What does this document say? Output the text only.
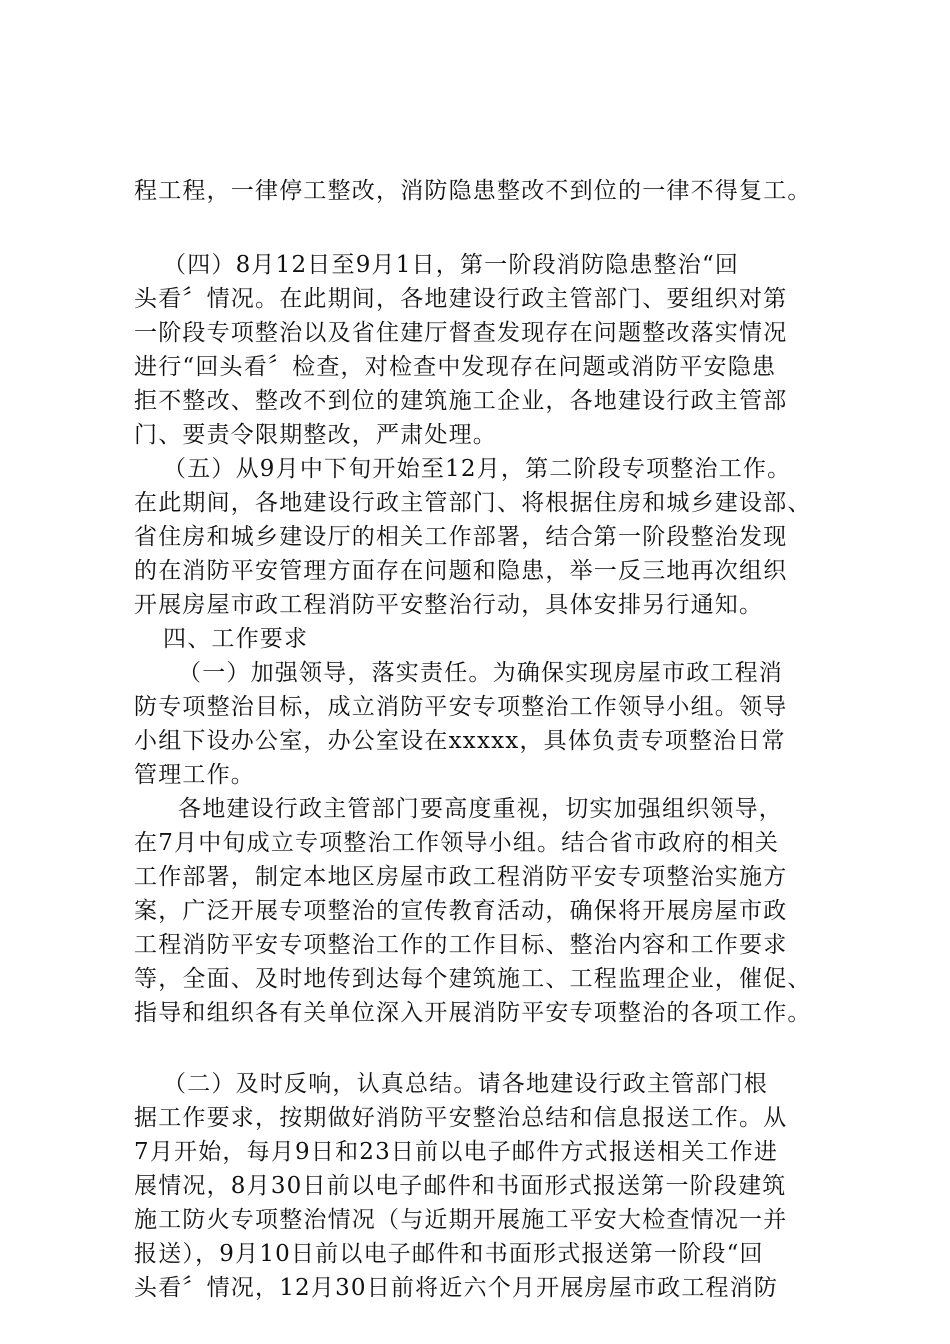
程工程，一律停工整改，消防隐患整改不到位的一律不得复工。
（四）8月12日至9月1日，第一阶段消防隐患整治“回
头看〞情况。在此期间，各地建设行政主管部门、要组织对第
一阶段专项整治以及省住建厅督查发现存在问题整改落实情况
进行“回头看〞检查，对检查中发现存在问题或消防平安隐患
拒不整改、整改不到位的建筑施工企业，各地建设行政主管部
门、要责令限期整改，严肃处理。
（五）从9月中下旬开始至12月，第二阶段专项整治工作。
在此期间，各地建设行政主管部门、将根据住房和城乡建设部、
省住房和城乡建设厅的相关工作部署，结合第一阶段整治发现
的在消防平安管理方面存在问题和隐患，举一反三地再次组织
开展房屋市政工程消防平安整治行动，具体安排另行通知。
四、工作要求
（一）加强领导，落实责任。为确保实现房屋市政工程消
防专项整治目标，成立消防平安专项整治工作领导小组。领导
小组下设办公室，办公室设在xxxxx，具体负责专项整治日常
管理工作。
各地建设行政主管部门要高度重视，切实加强组织领导，
在7月中旬成立专项整治工作领导小组。结合省市政府的相关
工作部署，制定本地区房屋市政工程消防平安专项整治实施方
案，广泛开展专项整治的宣传教育活动，确保将开展房屋市政
工程消防平安专项整治工作的工作目标、整治内容和工作要求
等，全面、及时地传到达每个建筑施工、工程监理企业，催促、
指导和组织各有关单位深入开展消防平安专项整治的各项工作。
（二）及时反响，认真总结。请各地建设行政主管部门根
据工作要求，按期做好消防平安整治总结和信息报送工作。从
7月开始，每月9日和23日前以电子邮件方式报送相关工作进
展情况，8月30日前以电子邮件和书面形式报送第一阶段建筑
施工防火专项整治情况（与近期开展施工平安大检查情况一并
报送），9月10日前以电子邮件和书面形式报送第一阶段“回
头看〞情况，12月30日前将近六个月开展房屋市政工程消防
